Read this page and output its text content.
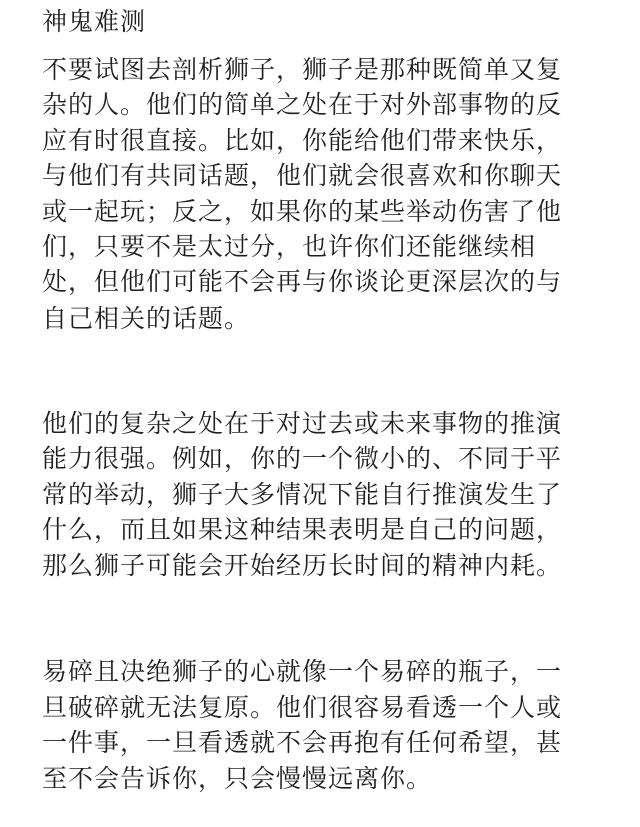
神鬼难测
不要试图去剖析狮子，狮子是那种既简单又复
杂的人。他们的简单之处在于对外部事物的反
应有时很直接。比如，你能给他们带来快乐，
与他们有共同话题，他们就会很喜欢和你聊天
或一起玩；反之，如果你的某些举动伤害了他
们，只要不是太过分，也许你们还能继续相
处，但他们可能不会再与你谈论更深层次的与
自己相关的话题。
他们的复杂之处在于对过去或未来事物的推演
能力很强。例如，你的一个微小的、不同于平
常的举动，狮子大多情况下能自行推演发生了
什么，而且如果这种结果表明是自己的问题，
那么狮子可能会开始经历长时间的精神内耗。
易碎且决绝狮子的心就像一个易碎的瓶子，一
旦破碎就无法复原。他们很容易看透一个人或
一件事，一旦看透就不会再抱有任何希望，甚
至不会告诉你，只会慢慢远离你。
